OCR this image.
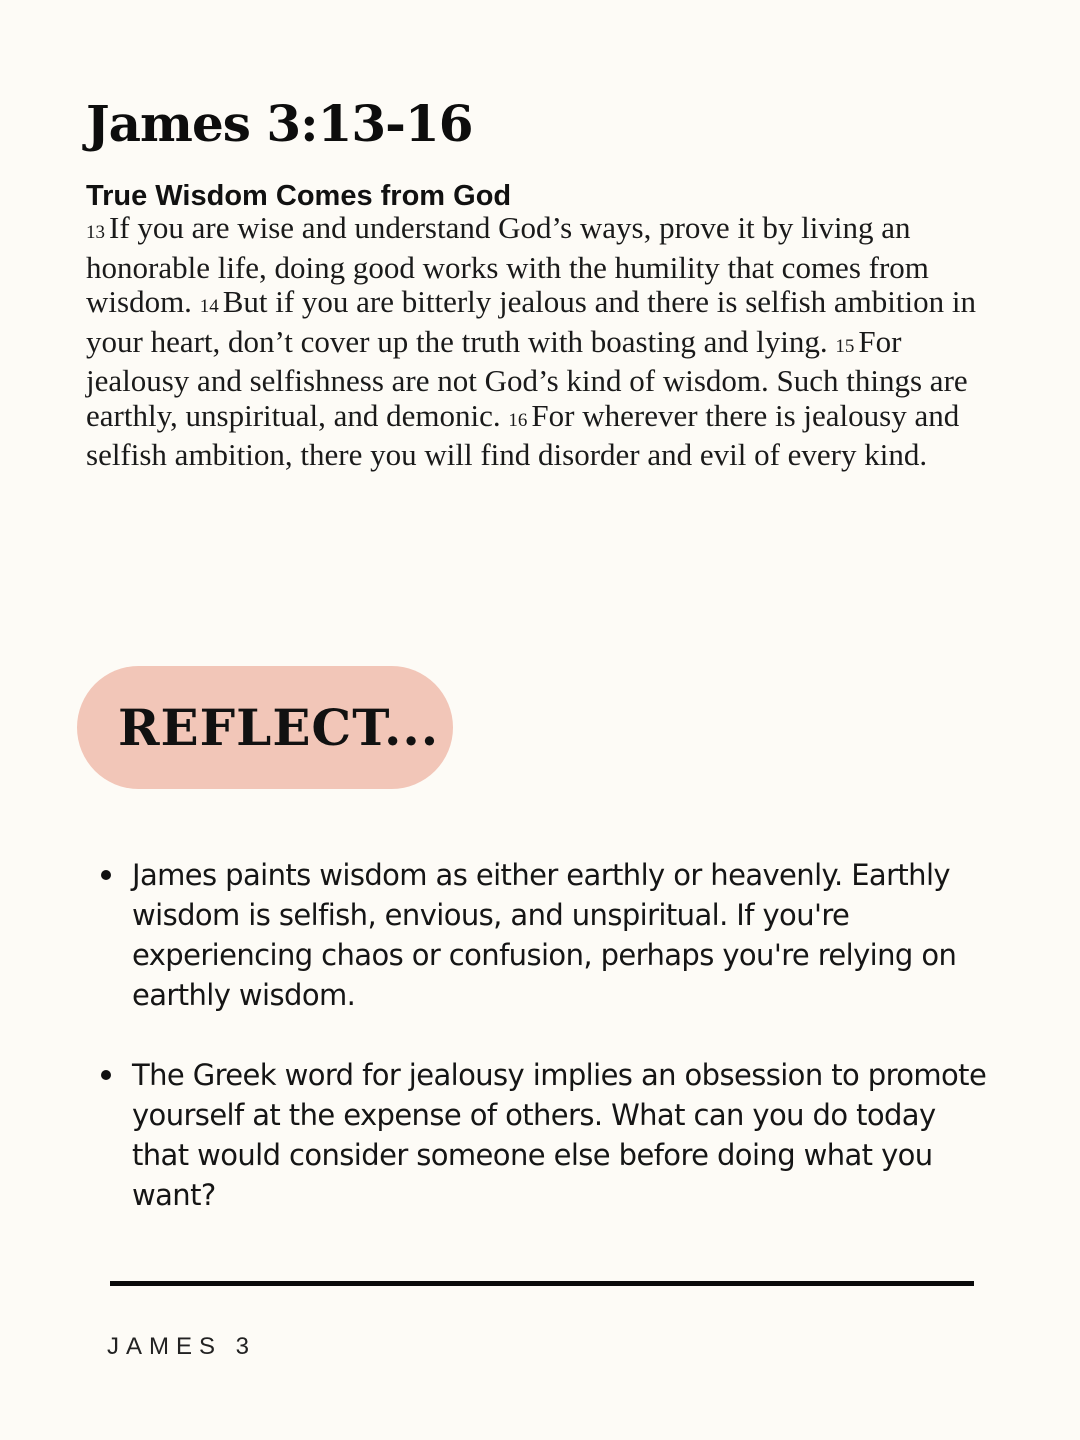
James 3:13-16
True Wisdom Comes from God

13 If you are wise and understand God’s ways, prove it by living an honorable life, doing good works with the humility that comes from wisdom. 14 But if you are bitterly jealous and there is selfish ambition in your heart, don’t cover up the truth with boasting and lying. 15 For jealousy and selfishness are not God’s kind of wisdom. Such things are earthly, unspiritual, and demonic. 16 For wherever there is jealousy and selfish ambition, there you will find disorder and evil of every kind.

REFLECT...
James paints wisdom as either earthly or heavenly. Earthly wisdom is selfish, envious, and unspiritual. If you're experiencing chaos or confusion, perhaps you're relying on earthly wisdom.
The Greek word for jealousy implies an obsession to promote yourself at the expense of others. What can you do today that would consider someone else before doing what you want?
JAMES 3
